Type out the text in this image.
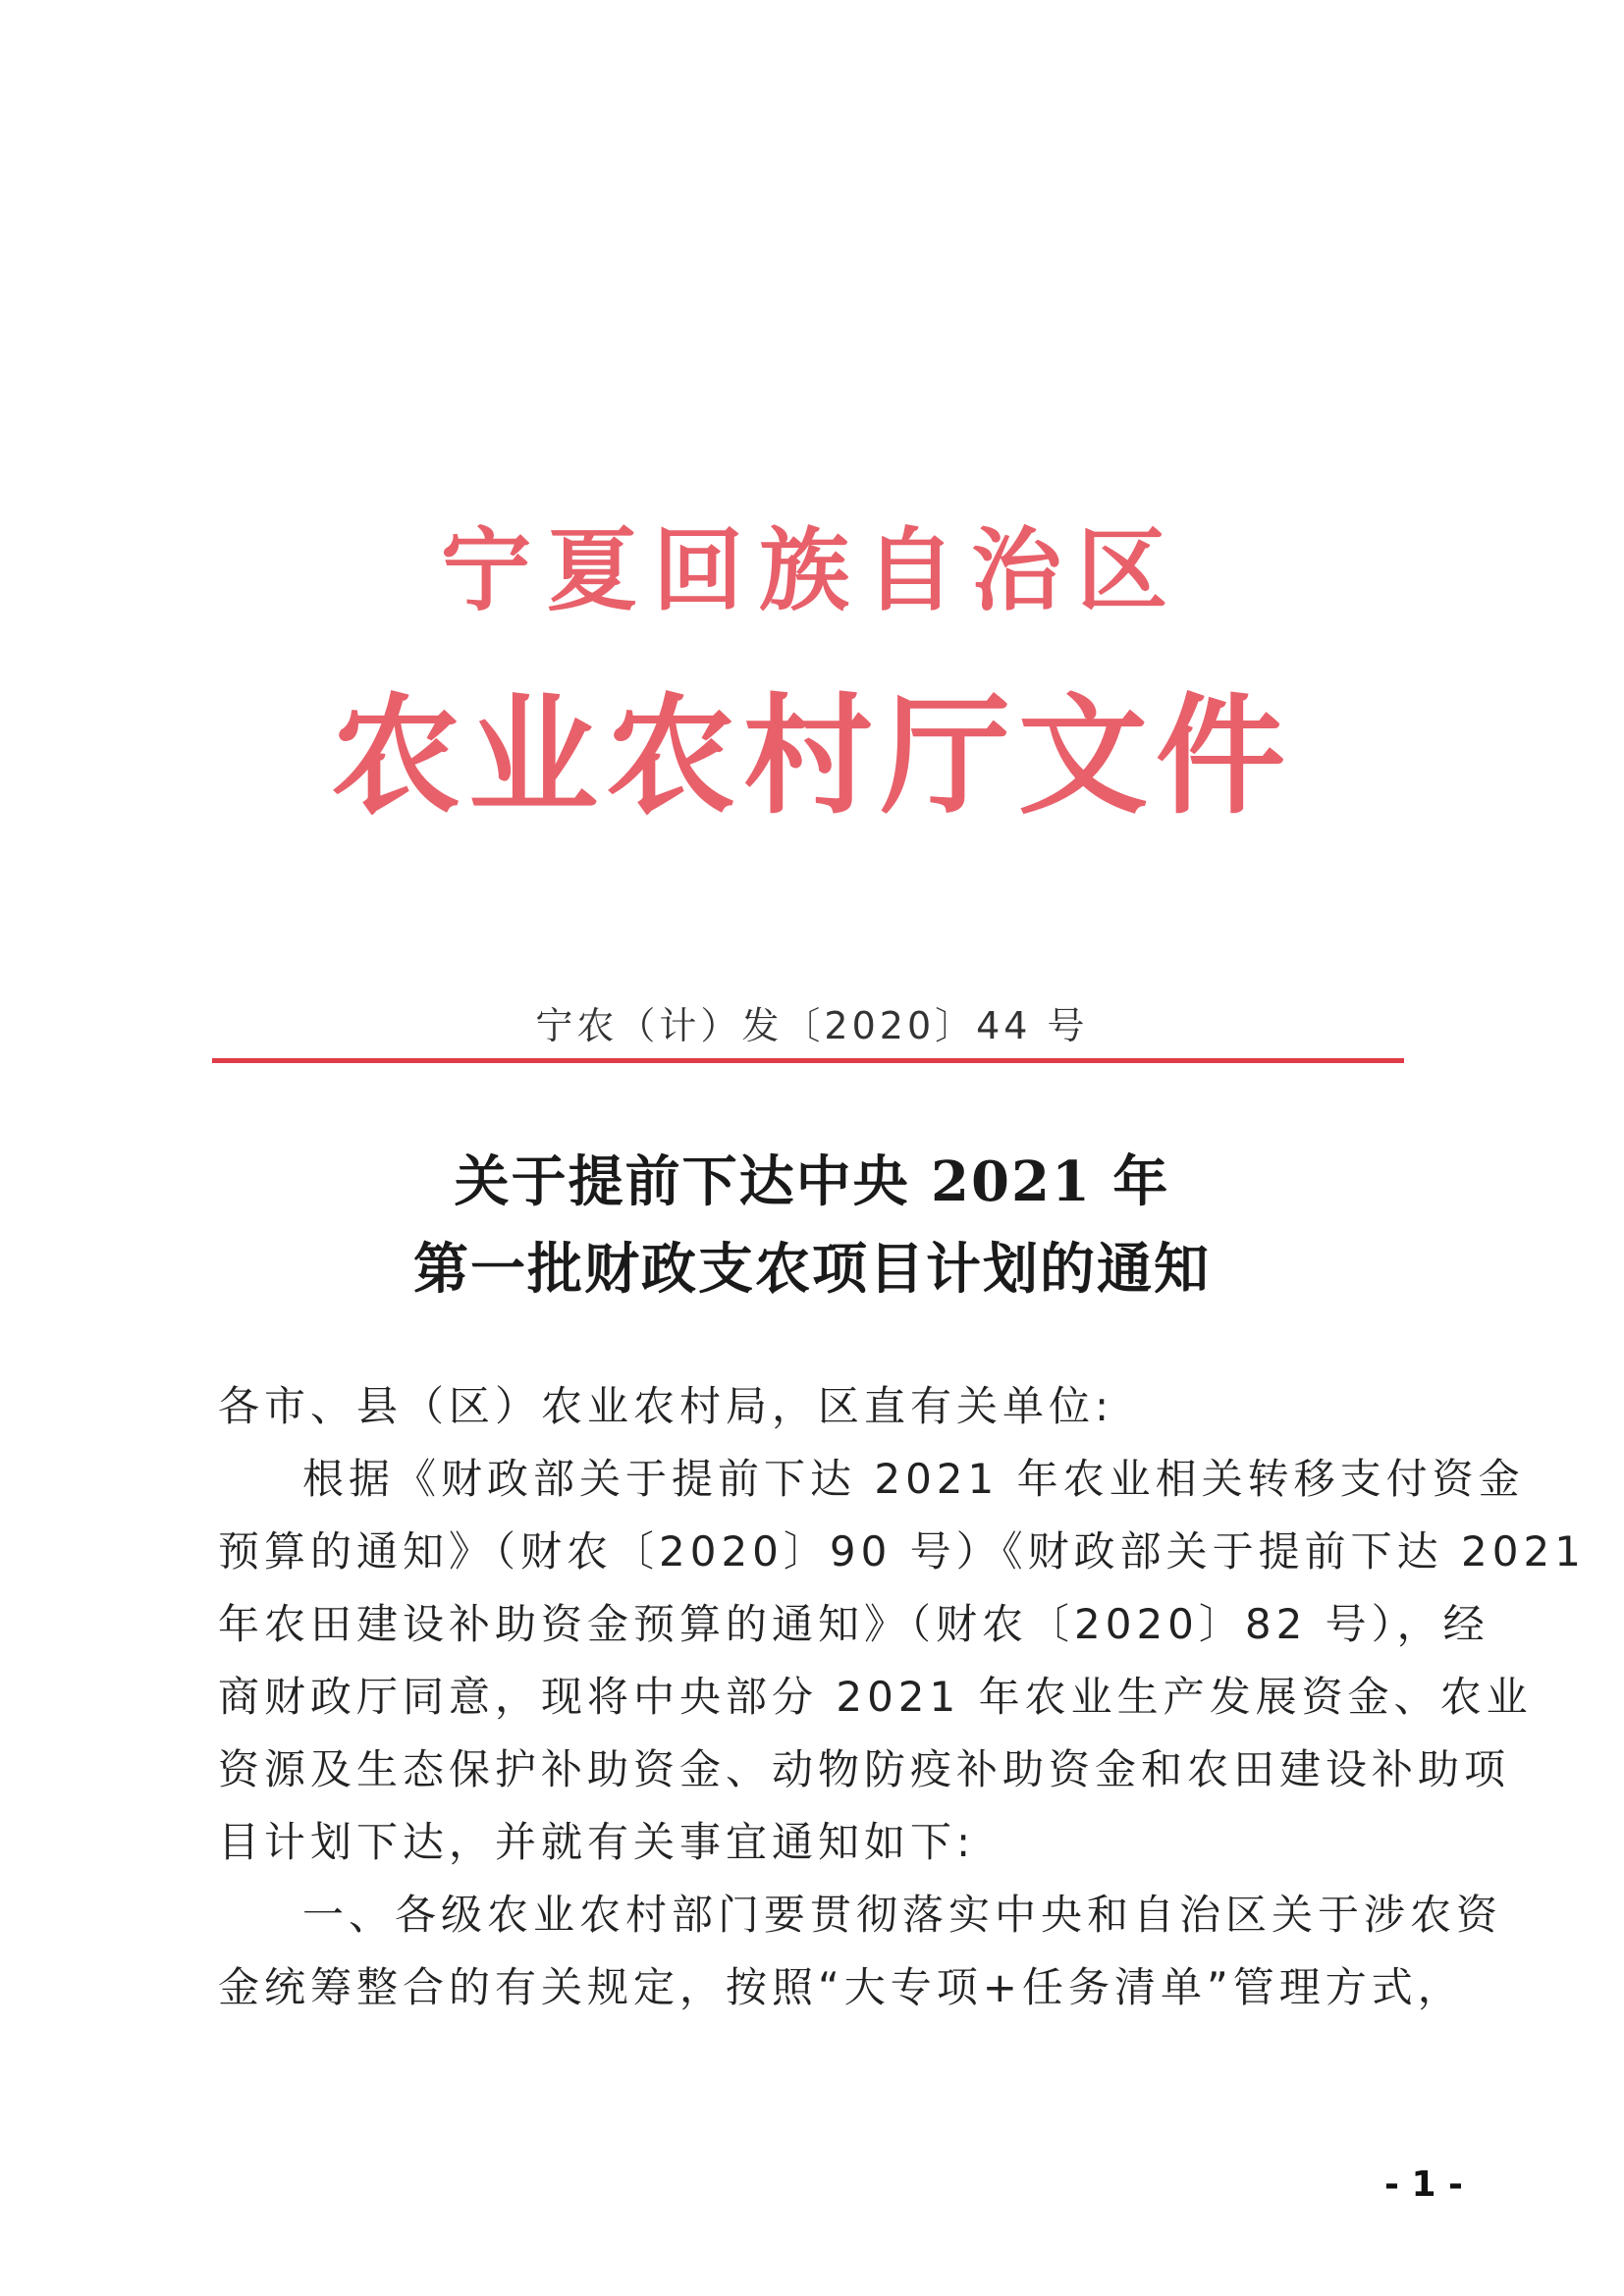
宁夏回族自治区
农业农村厅文件
宁农（计）发〔2020〕44 号
关于提前下达中央 2021 年
第一批财政支农项目计划的通知
各市、县（区）农业农村局，区直有关单位:
根据《财政部关于提前下达 2021 年农业相关转移支付资金
预算的通知》（财农〔2020〕90 号）《财政部关于提前下达 2021
年农田建设补助资金预算的通知》（财农〔2020〕82 号），经
商财政厅同意，现将中央部分 2021 年农业生产发展资金、农业
资源及生态保护补助资金、动物防疫补助资金和农田建设补助项
目计划下达，并就有关事宜通知如下:
一、各级农业农村部门要贯彻落实中央和自治区关于涉农资
金统筹整合的有关规定，按照“大专项+任务清单”管理方式，
- 1 -
